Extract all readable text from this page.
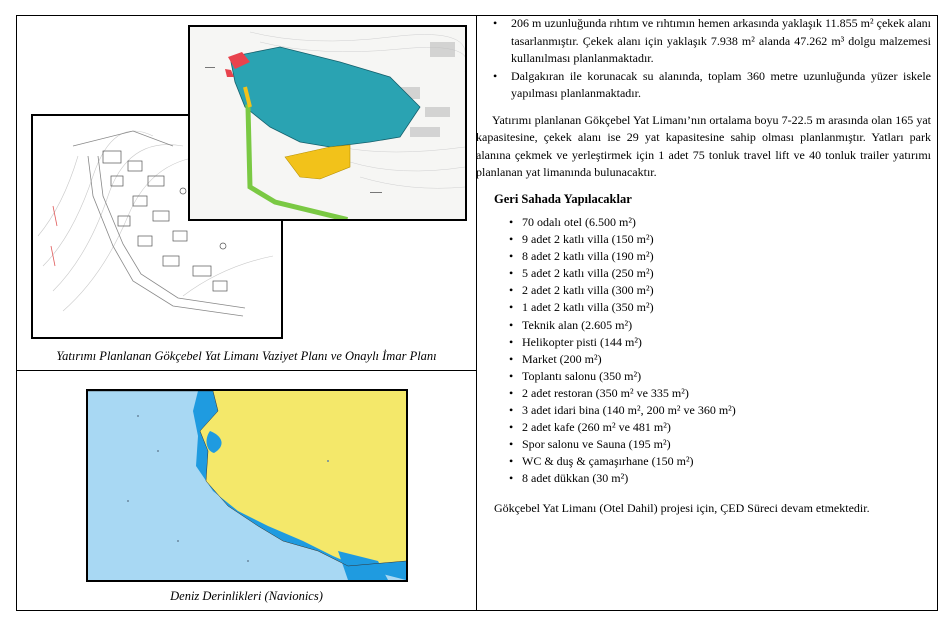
Yatırımı Planlanan Gökçebel Yat Limanı Vaziyet Planı ve Onaylı İmar Planı
Deniz Derinlikleri (Navionics)
• 206 m uzunluğunda rıhtım ve rıhtımın hemen arkasında yaklaşık 11.855 m² çekek alanı tasarlanmıştır. Çekek alanı için yaklaşık 7.938 m² alanda 47.262 m³ dolgu malzemesi kullanılması planlanmaktadır.
• Dalgakıran ile korunacak su alanında, toplam 360 metre uzunluğunda yüzer iskele yapılması planlanmaktadır.

Yatırımı planlanan Gökçebel Yat Limanı’nın ortalama boyu 7-22.5 m arasında olan 165 yat kapasitesine, çekek alanı ise 29 yat kapasitesine sahip olması planlanmıştır. Yatları park alanına çekmek ve yerleştirmek için 1 adet 75 tonluk travel lift ve 40 tonluk trailer yatırımı planlanan yat limanında bulunacaktır.

Geri Sahada Yapılacaklar
• 70 odalı otel (6.500 m²)
• 9 adet 2 katlı villa (150 m²)
• 8 adet 2 katlı villa (190 m²)
• 5 adet 2 katlı villa (250 m²)
• 2 adet 2 katlı villa (300 m²)
• 1 adet 2 katlı villa (350 m²)
• Teknik alan (2.605 m²)
• Helikopter pisti (144 m²)
• Market (200 m²)
• Toplantı salonu (350 m²)
• 2 adet restoran (350 m² ve 335 m²)
• 3 adet idari bina (140 m², 200 m² ve 360 m²)
• 2 adet kafe (260 m² ve 481 m²)
• Spor salonu ve Sauna (195 m²)
• WC & duş & çamaşırhane (150 m²)
• 8 adet dükkan (30 m²)
Gökçebel Yat Limanı (Otel Dahil) projesi için, ÇED Süreci devam etmektedir.
